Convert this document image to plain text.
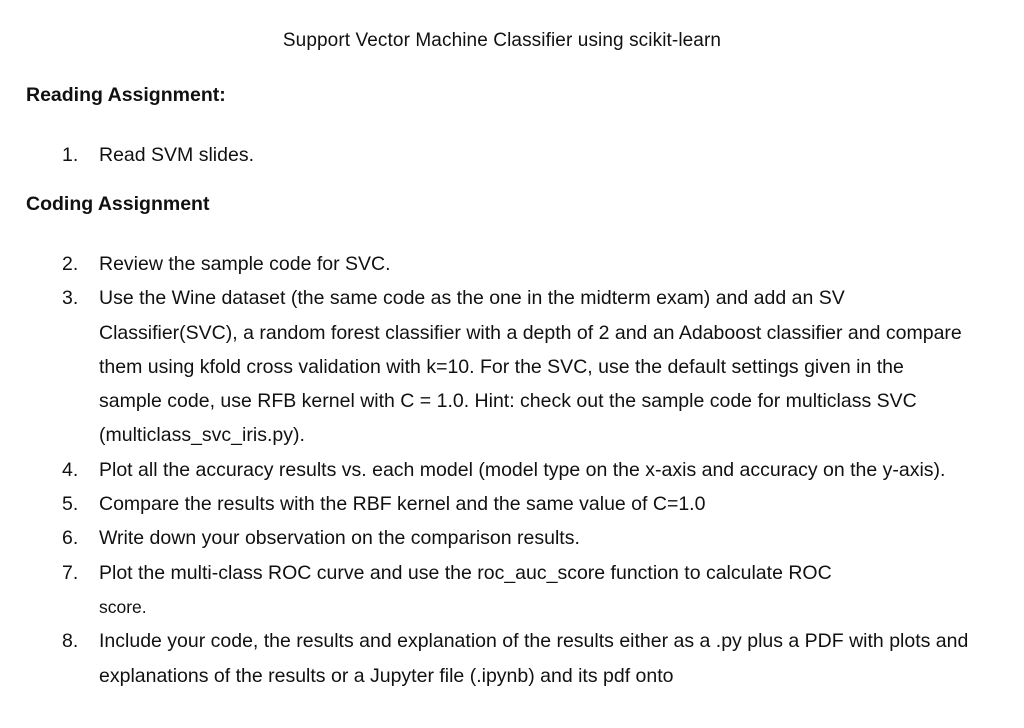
Support Vector Machine Classifier using scikit-learn
Reading Assignment:
1. Read SVM slides.
Coding Assignment
2. Review the sample code for SVC.
3. Use the Wine dataset (the same code as the one in the midterm exam) and add an SV Classifier(SVC), a random forest classifier with a depth of 2 and an Adaboost classifier and compare them using kfold cross validation with k=10. For the SVC, use the default settings given in the sample code, use RFB kernel with C = 1.0. Hint: check out the sample code for multiclass SVC (multiclass_svc_iris.py).
4. Plot all the accuracy results vs. each model (model type on the x-axis and accuracy on the y-axis).
5. Compare the results with the RBF kernel and the same value of C=1.0
6. Write down your observation on the comparison results.
7. Plot the multi-class ROC curve and use the roc_auc_score function to calculate ROC
score.
8. Include your code, the results and explanation of the results either as a .py plus a PDF with plots and explanations of the results or a Jupyter file (.ipynb) and its pdf onto
